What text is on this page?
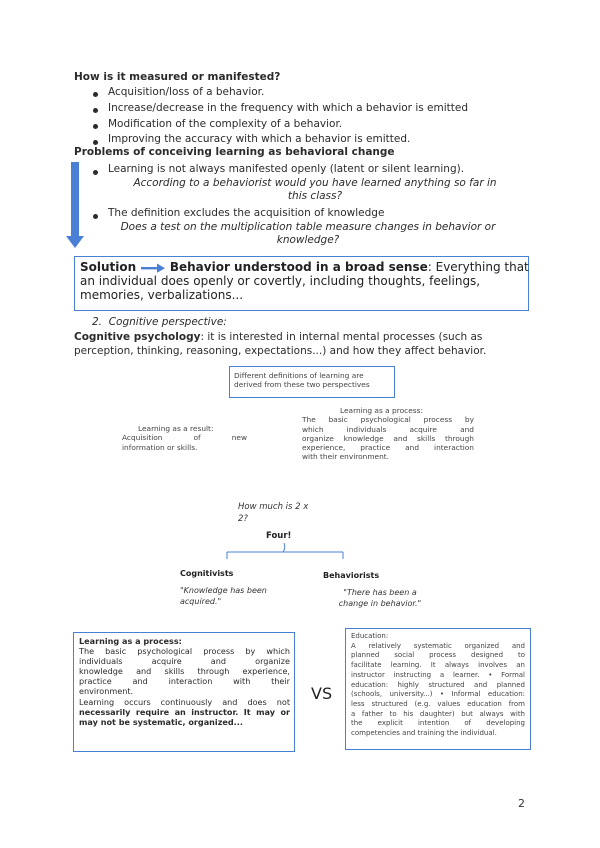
How is it measured or manifested?
Acquisition/loss of a behavior.
Increase/decrease in the frequency with which a behavior is emitted
Modification of the complexity of a behavior.
Improving the accuracy with which a behavior is emitted.
Problems of conceiving learning as behavioral change
Learning is not always manifested openly (latent or silent learning).
According to a behaviorist would you have learned anything so far in
this class?
The definition excludes the acquisition of knowledge
Does a test on the multiplication table measure changes in behavior or
knowledge?
Solution	Behavior understood in a broad sense: Everything that
an individual does openly or covertly, including thoughts, feelings,
memories, verbalizations...
2. Cognitive perspective:
Cognitive psychology: it is interested in internal mental processes (such as
perception, thinking, reasoning, expectations...) and how they affect behavior.
Different definitions of learning are
derived from these two perspectives
Learning as a result:
Acquisition of new
information or skills.
Learning as a process:
The basic psychological process by
which individuals acquire and
organize knowledge and skills through
experience, practice and interaction
with their environment.
How much is 2 x
2?
Four!
Cognitivists
"Knowledge has been acquired."
Behaviorists
"There has been a change in behavior."
Learning as a process:
The basic psychological process by which
individuals acquire and organize
knowledge and skills through experience,
practice and interaction with their
environment.
Learning occurs continuously and does not
necessarily require an instructor. It may or
may not be systematic, organized...
VS
Education:
A relatively systematic organized and
planned social process designed to
facilitate learning. It always involves an
instructor instructing a learner. • Formal
education: highly structured and planned
(schools, university...) • Informal education:
less structured (e.g. values education from
a father to his daughter) but always with
the explicit intention of developing
competencies and training the individual.
2
